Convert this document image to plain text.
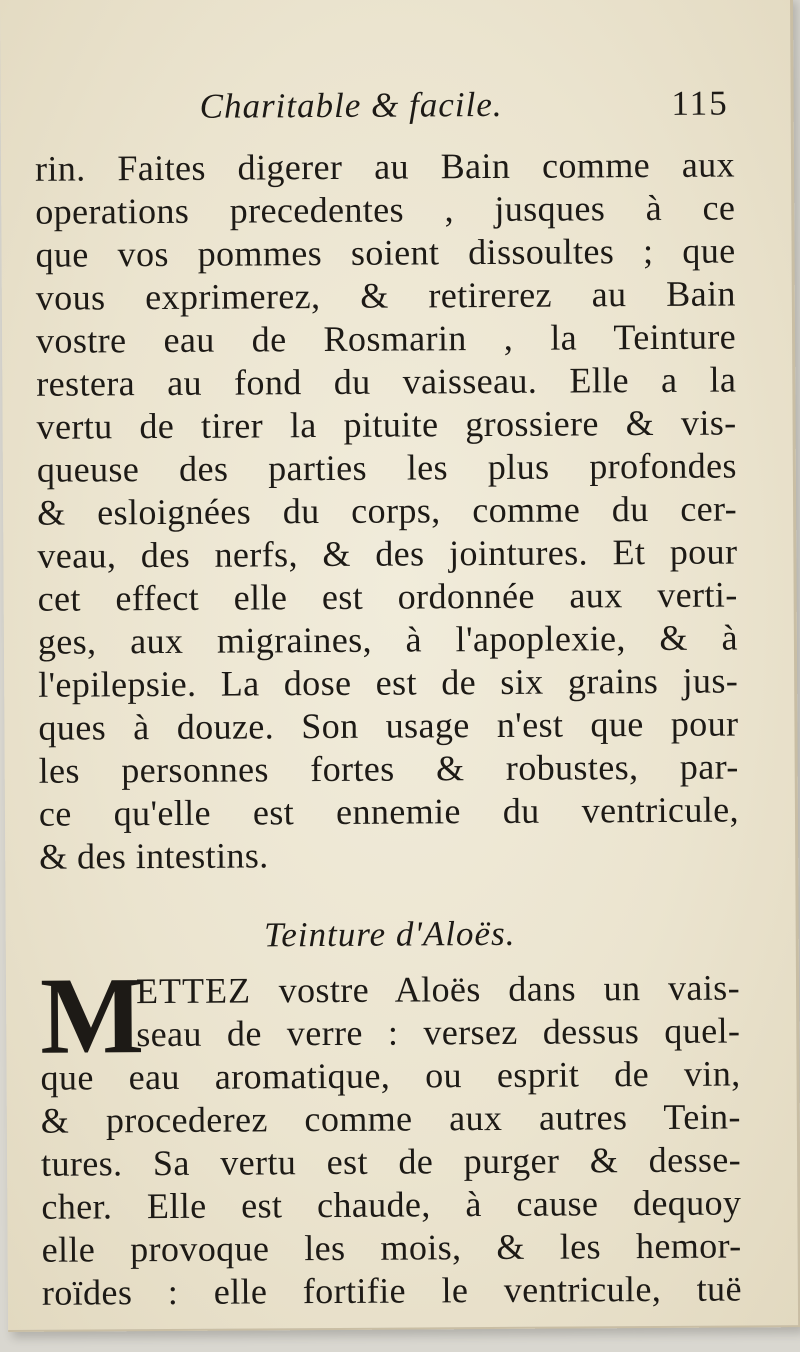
Charitable & facile.	115
rin. Faites digerer au Bain comme aux
operations precedentes , jusques à ce
que vos pommes soient dissoultes ; que
vous exprimerez, & retirerez au Bain
vostre eau de Rosmarin , la Teinture
restera au fond du vaisseau. Elle a la
vertu de tirer la pituite grossiere & vis-
queuse des parties les plus profondes
& esloignées du corps, comme du cer-
veau, des nerfs, & des jointures. Et pour
cet effect elle est ordonnée aux verti-
ges, aux migraines, à l'apoplexie, & à
l'epilepsie. La dose est de six grains jus-
ques à douze. Son usage n'est que pour
les personnes fortes & robustes, par-
ce qu'elle est ennemie du ventricule,
& des intestins.
Teinture d'Aloës.
M
ETTEZ vostre Aloës dans un vais-
seau de verre : versez dessus quel-
que eau aromatique, ou esprit de vin,
& procederez comme aux autres Tein-
tures. Sa vertu est de purger & desse-
cher. Elle est chaude, à cause dequoy
elle provoque les mois, & les hemor-
roïdes : elle fortifie le ventricule, tuë
